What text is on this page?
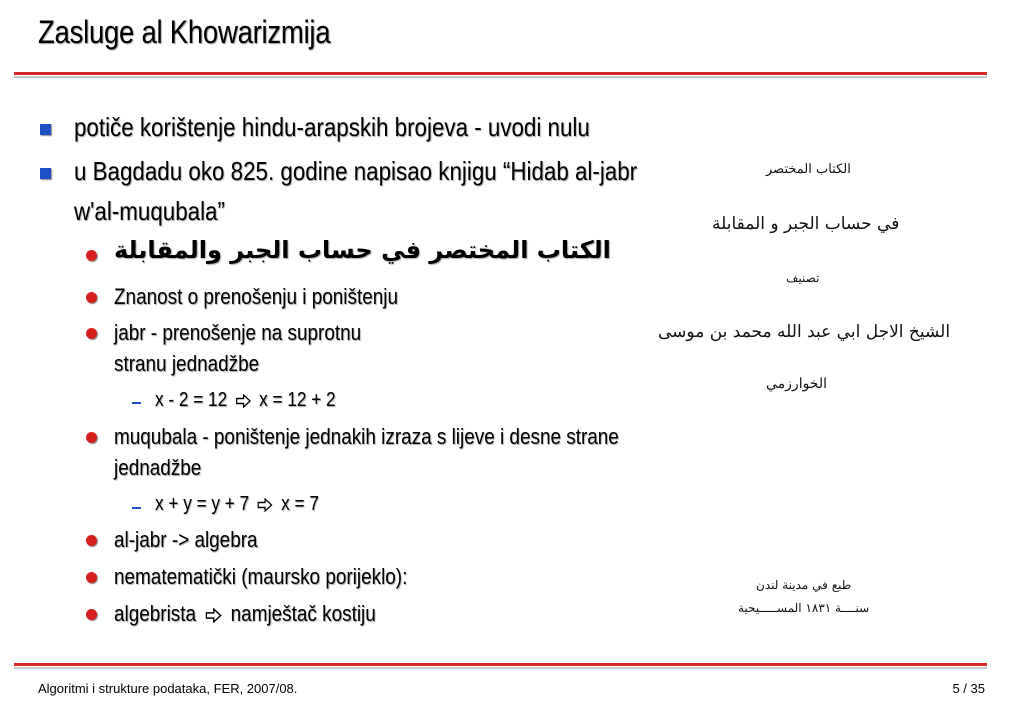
Zasluge al Khowarizmija
potiče korištenje hindu-arapskih brojeva - uvodi nulu
u Bagdadu oko 825. godine napisao knjigu “Hidab al-jabr
w'al-muqubala”
الكتاب المختصر في حساب الجبر والمقابلة
Znanost o prenošenju i poništenju
jabr - prenošenje na suprotnu
stranu jednadžbe
x - 2 = 12 x = 12 + 2
muqubala - poništenje jednakih izraza s lijeve i desne strane
jednadžbe
x + y = y + 7 x = 7
al-jabr -> algebra
nematematički (maursko porijeklo):
algebrista namještač kostiju
الكتاب المختصر
في حساب الجبر و المقابلة
تصنيف
الشيخ الاجل ابي عبد الله محمد بن موسى
الخوارزمي
طبع في مدينة لندن
سنــــة ١٨٣١ المســـــيحية
Algoritmi i strukture podataka, FER, 2007/08.	5 / 35
